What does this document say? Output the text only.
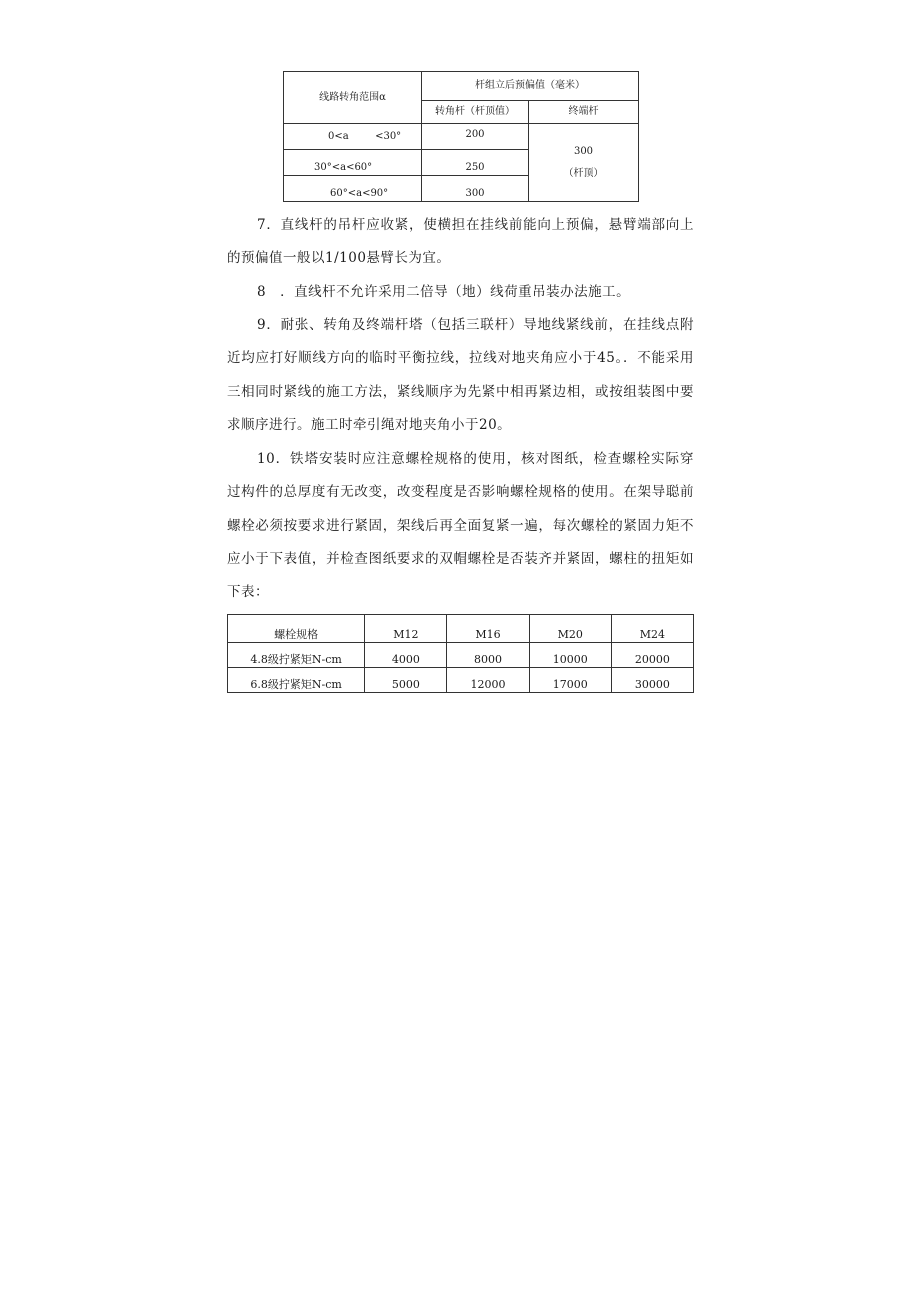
线路转角范围α	杆组立后预偏值（毫米）	
	转角杆（杆顶值）	终端杆
0<a <30°	200	300
（杆顶）

30°<a<60°	250	
60°<a<90°	300	

7．直线杆的吊杆应收紧，使横担在挂线前能向上预偏，悬臂端部向上的预偏值一般以1/100悬臂长为宜。

8　．直线杆不允许采用二倍导（地）线荷重吊装办法施工。

9．耐张、转角及终端杆塔（包括三联杆）导地线紧线前，在挂线点附近均应打好顺线方向的临时平衡拉线，拉线对地夹角应小于45。．不能采用三相同时紧线的施工方法，紧线顺序为先紧中相再紧边相，或按组装图中要求顺序进行。施工时牵引绳对地夹角小于20。

10．铁塔安装时应注意螺栓规格的使用，核对图纸，检查螺栓实际穿过构件的总厚度有无改变，改变程度是否影响螺栓规格的使用。在架导聪前螺栓必须按要求进行紧固，架线后再全面复紧一遍，每次螺栓的紧固力矩不应小于下表值，并检查图纸要求的双帽螺栓是否装齐并紧固，螺柱的扭矩如下表：

螺栓规格	M12	M16	M20	M24
4.8级拧紧矩N-cm	4000	8000	10000	20000
6.8级拧紧矩N-cm	5000	12000	17000	30000
